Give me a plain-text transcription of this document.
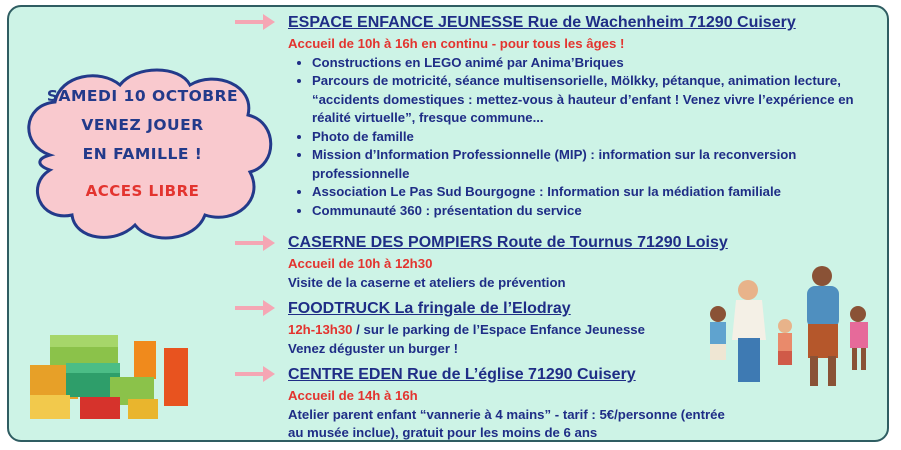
SAMEDI 10 OCTOBRE
VENEZ JOUER
EN FAMILLE !
ACCES LIBRE
ESPACE ENFANCE JEUNESSE Rue de Wachenheim 71290 Cuisery
Accueil de 10h à 16h en continu - pour tous les âges !
• Constructions en LEGO animé par Anima’Briques
• Parcours de motricité, séance multisensorielle, Mölkky, pétanque, animation lecture, “accidents domestiques : mettez-vous à hauteur d’enfant ! Venez vivre l’expérience en réalité virtuelle”, fresque commune...
• Photo de famille
• Mission d’Information Professionnelle (MIP) : information sur la reconversion professionnelle
• Association Le Pas Sud Bourgogne : Information sur la médiation familiale
• Communauté 360 : présentation du service
CASERNE DES POMPIERS Route de Tournus 71290 Loisy
Accueil de 10h à 12h30
Visite de la caserne et ateliers de prévention
FOODTRUCK La fringale de l’Elodray
12h-13h30 / sur le parking de l’Espace Enfance Jeunesse
Venez déguster un burger !
CENTRE EDEN Rue de L’église 71290 Cuisery
Accueil de 14h à 16h
Atelier parent enfant “vannerie à 4 mains” - tarif : 5€/personne (entrée au musée inclue), gratuit pour les moins de 6 ans
